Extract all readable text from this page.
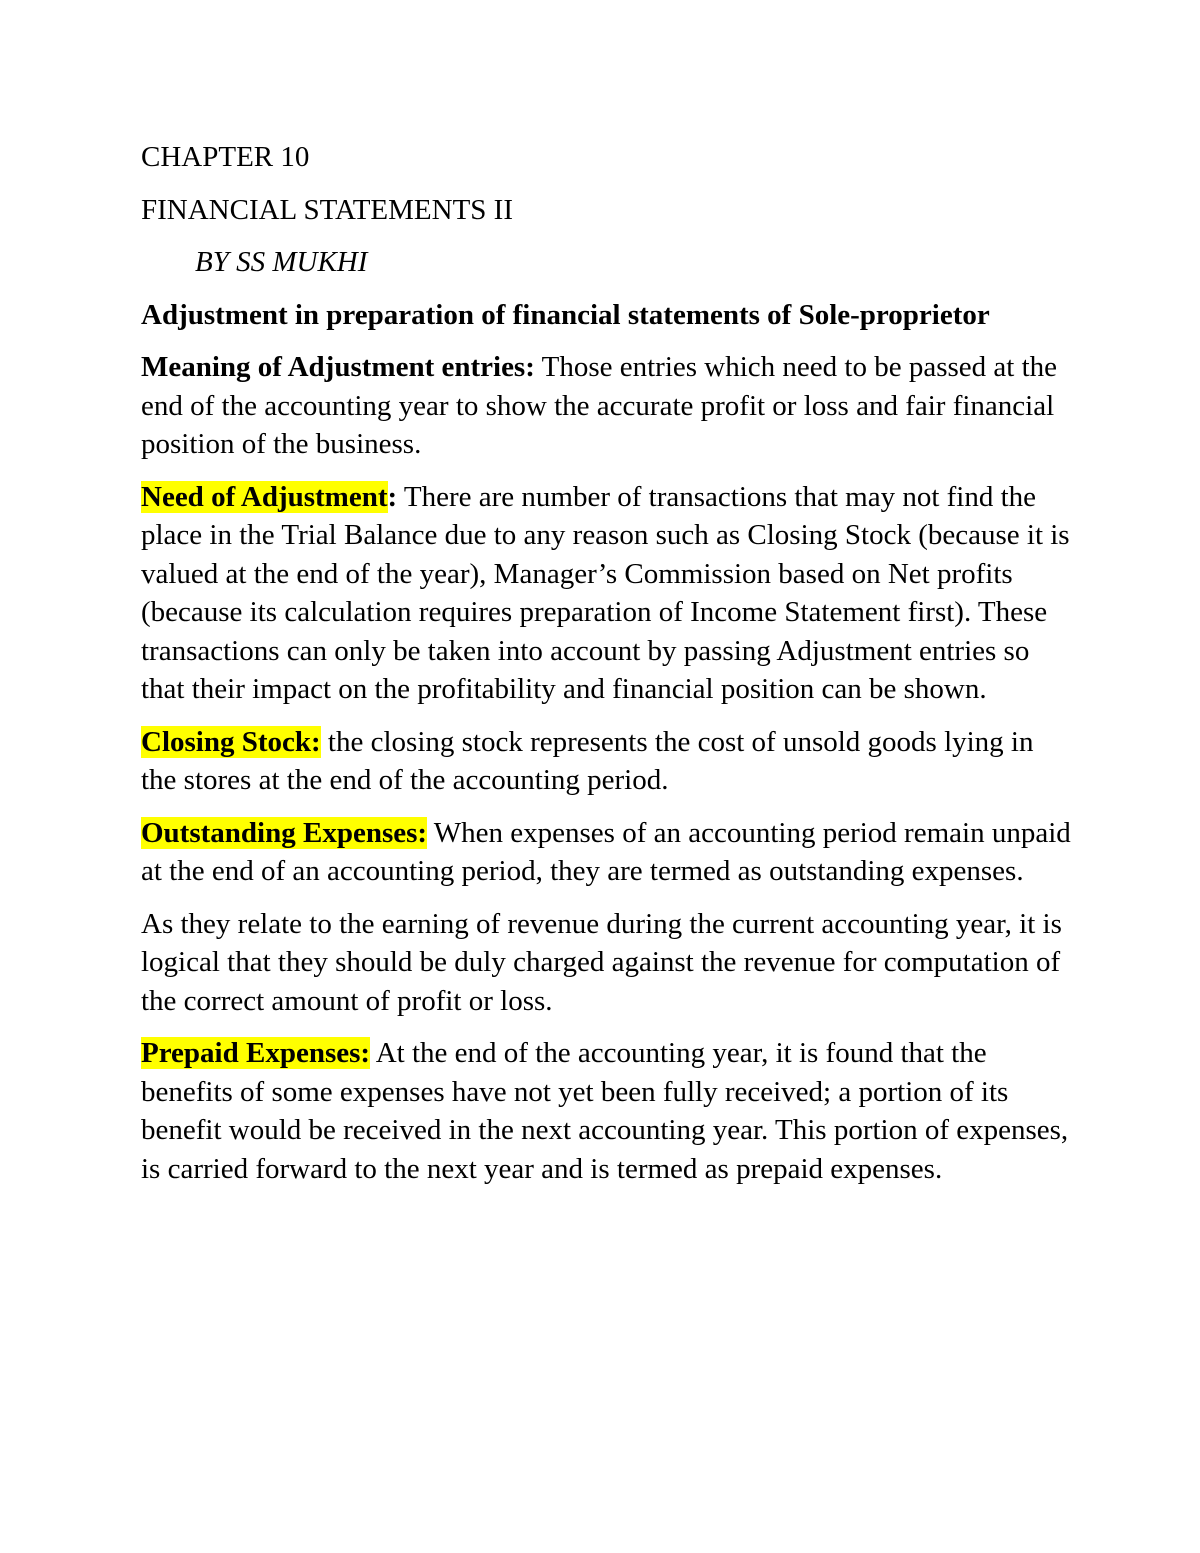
CHAPTER 10
FINANCIAL STATEMENTS II
BY SS MUKHI
Adjustment in preparation of financial statements of Sole-proprietor

Meaning of Adjustment entries: Those entries which need to be passed at the end of the accounting year to show the accurate profit or loss and fair financial position of the business.

Need of Adjustment: There are number of transactions that may not find the place in the Trial Balance due to any reason such as Closing Stock (because it is valued at the end of the year), Manager’s Commission based on Net profits (because its calculation requires preparation of Income Statement first). These transactions can only be taken into account by passing Adjustment entries so that their impact on the profitability and financial position can be shown.

Closing Stock: the closing stock represents the cost of unsold goods lying in the stores at the end of the accounting period.

Outstanding Expenses: When expenses of an accounting period remain unpaid at the end of an accounting period, they are termed as outstanding expenses.

As they relate to the earning of revenue during the current accounting year, it is logical that they should be duly charged against the revenue for computation of the correct amount of profit or loss.

Prepaid Expenses: At the end of the accounting year, it is found that the benefits of some expenses have not yet been fully received; a portion of its benefit would be received in the next accounting year. This portion of expenses, is carried forward to the next year and is termed as prepaid expenses.
